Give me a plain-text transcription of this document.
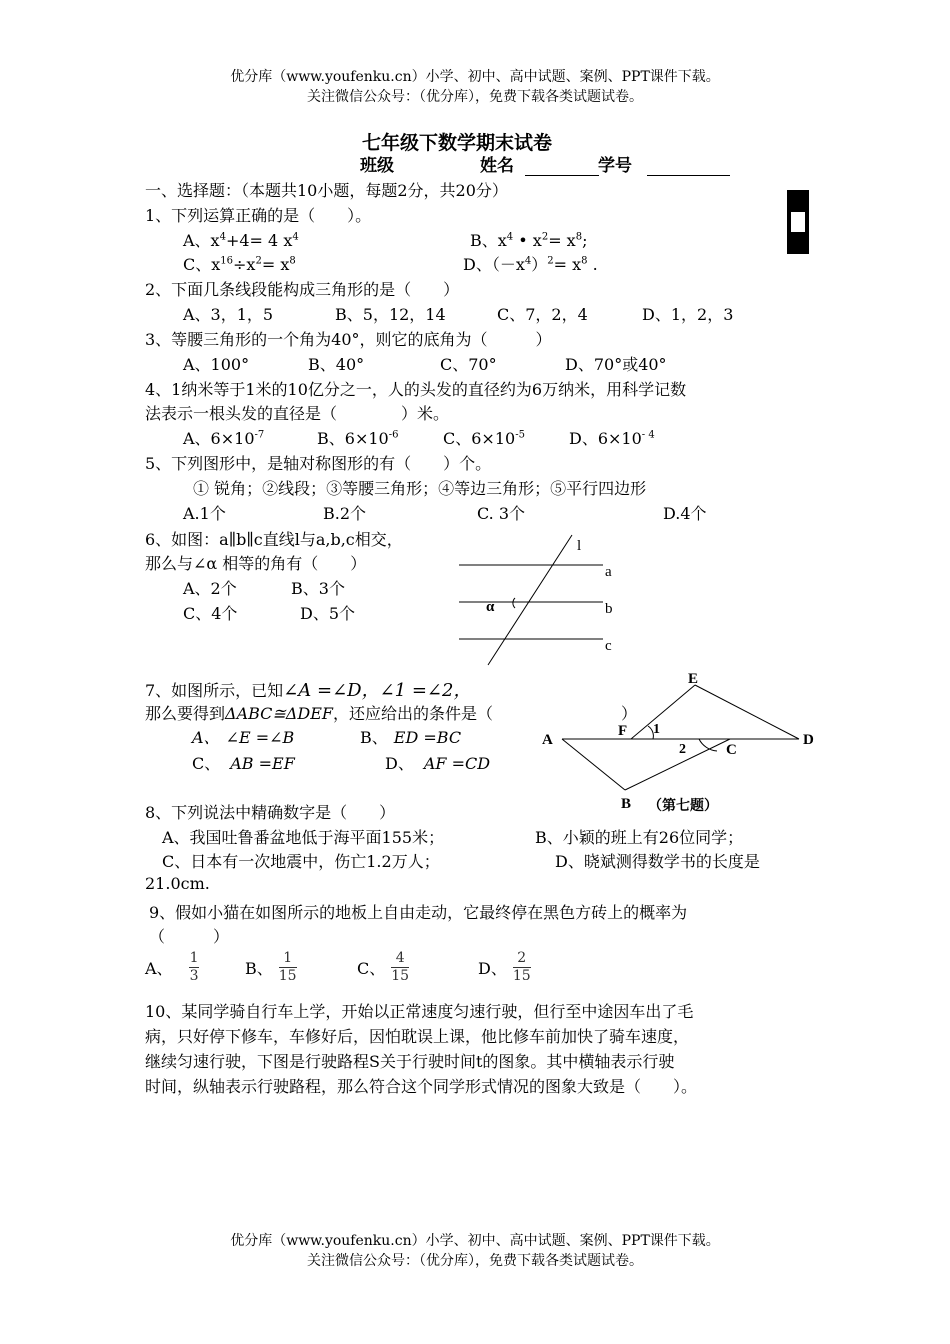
优分库（www.youfenku.cn）小学、初中、高中试题、案例、PPT课件下载。
关注微信公众号：（优分库），免费下载各类试题试卷。
七年级下数学期末试卷
班级	姓名	学号
一、选择题：（本题共10小题，每题2分，共20分）
1、下列运算正确的是（　　）。
A、$x^4+4= 4$ $x^4$	B、$x^4$ • $x^2= x^8$;
C、$x^{16}\div x^2= x^8$	D、$(-x^4)^2= x^8$ .
2、下面几条线段能构成三角形的是（　　）
A、3，1，5	B、5，12，14	C、7，2，4	D、1，2，3
3、等腰三角形的一个角为40°，则它的底角为（　　　）
A、100°	B、40°	C、70°	D、70°或40°
4、1纳米等于1米的10亿分之一，人的头发的直径约为6万纳米，用科学记数
法表示一根头发的直径是（　　　　）米。
A、$6\times 10^{-7}$	B、$6\times 10^{-6}$	C、$6\times 10^{-5}$	D、$6\times 10^{- 4}$
5、下列图形中，是轴对称图形的有（　　）个。
① 锐角；②线段；③等腰三角形；④等边三角形；⑤平行四边形
A.1个	B.2个	C. 3个	D.4个
6、如图：a∥b∥c直线l与a,b,c相交，
那么与∠α 相等的角有（　　）
A、2个	B、3个
C、4个	D、5个
l
a
b
c
α
7、如图所示，已知∠A =∠D，∠1 =∠2，
那么要得到ΔABC≅ΔDEF，还应给出的条件是（　　　　　　　　）
A、 ∠E =∠B	B、 ED =BC
C、 AB =EF	D、 AF =CD
E
F 1
A
2	C
D
B （第七题）
8、下列说法中精确数字是（　　）
A、我国吐鲁番盆地低于海平面155米；	B、小颖的班上有26位同学；
C、日本有一次地震中，伤亡1.2万人；	D、晓斌测得数学书的长度是
21.0cm.
9、假如小猫在如图所示的地板上自由走动，它最终停在黑色方砖上的概率为
（　　　）
A、 $\frac{1}{3}$	B、 $\frac{1}{15}$	C、 $\frac{4}{15}$	D、 $\frac{2}{15}$
10、某同学骑自行车上学，开始以正常速度匀速行驶，但行至中途因车出了毛
病，只好停下修车，车修好后，因怕耽误上课，他比修车前加快了骑车速度，
继续匀速行驶，下图是行驶路程S关于行驶时间t的图象。其中横轴表示行驶
时间，纵轴表示行驶路程，那么符合这个同学形式情况的图象大致是（　　）。
优分库（www.youfenku.cn）小学、初中、高中试题、案例、PPT课件下载。
关注微信公众号：（优分库），免费下载各类试题试卷。
